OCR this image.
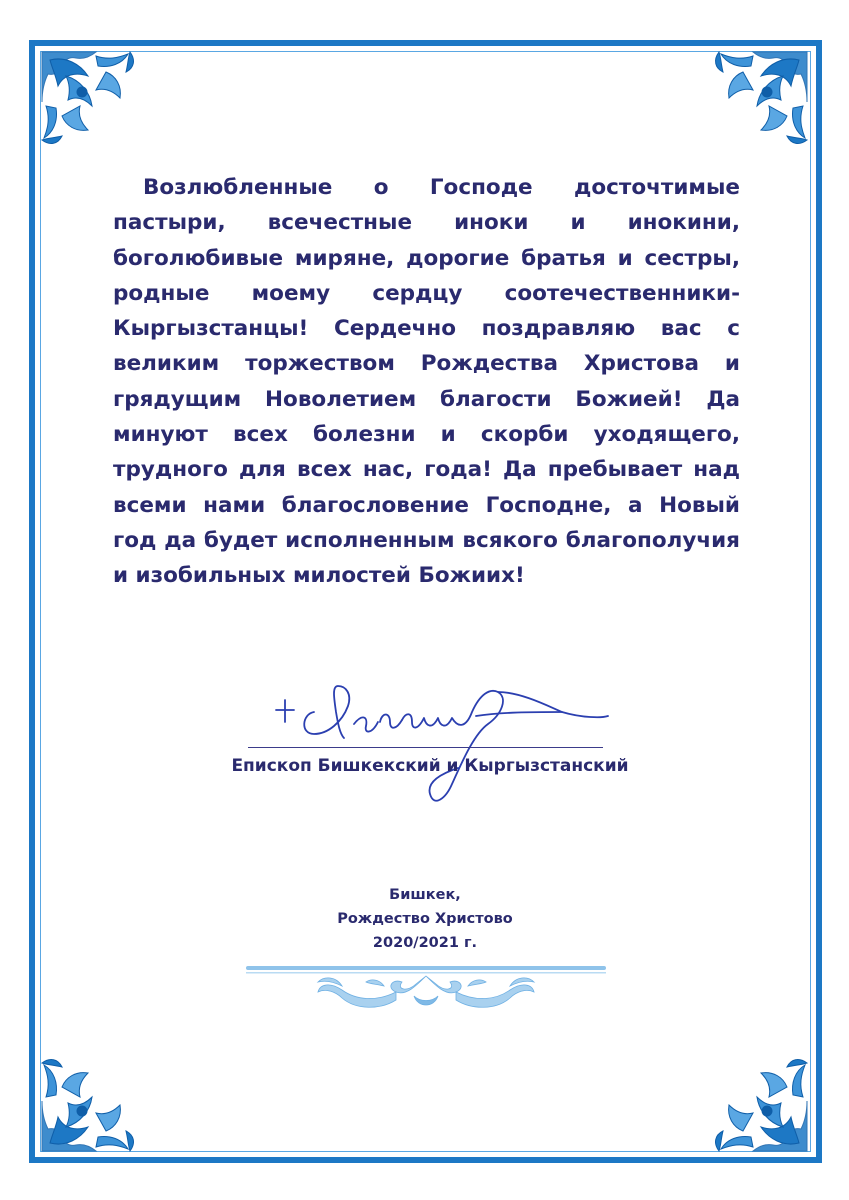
Возлюбленные о Господе досточтимые пастыри, всечестные иноки и инокини, боголюбивые миряне, дорогие братья и сестры, родные моему сердцу соотечественники-Кыргызстанцы! Сердечно поздравляю вас с великим торжеством Рождества Христова и грядущим Новолетием благости Божией! Да минуют всех болезни и скорби уходящего, трудного для всех нас, года! Да пребывает над всеми нами благословение Господне, а Новый год да будет исполненным всякого благополучия и изобильных милостей Божиих!

Епископ Бишкекский и Кыргызстанский
Бишкек,
Рождество Христово
2020/2021 г.
